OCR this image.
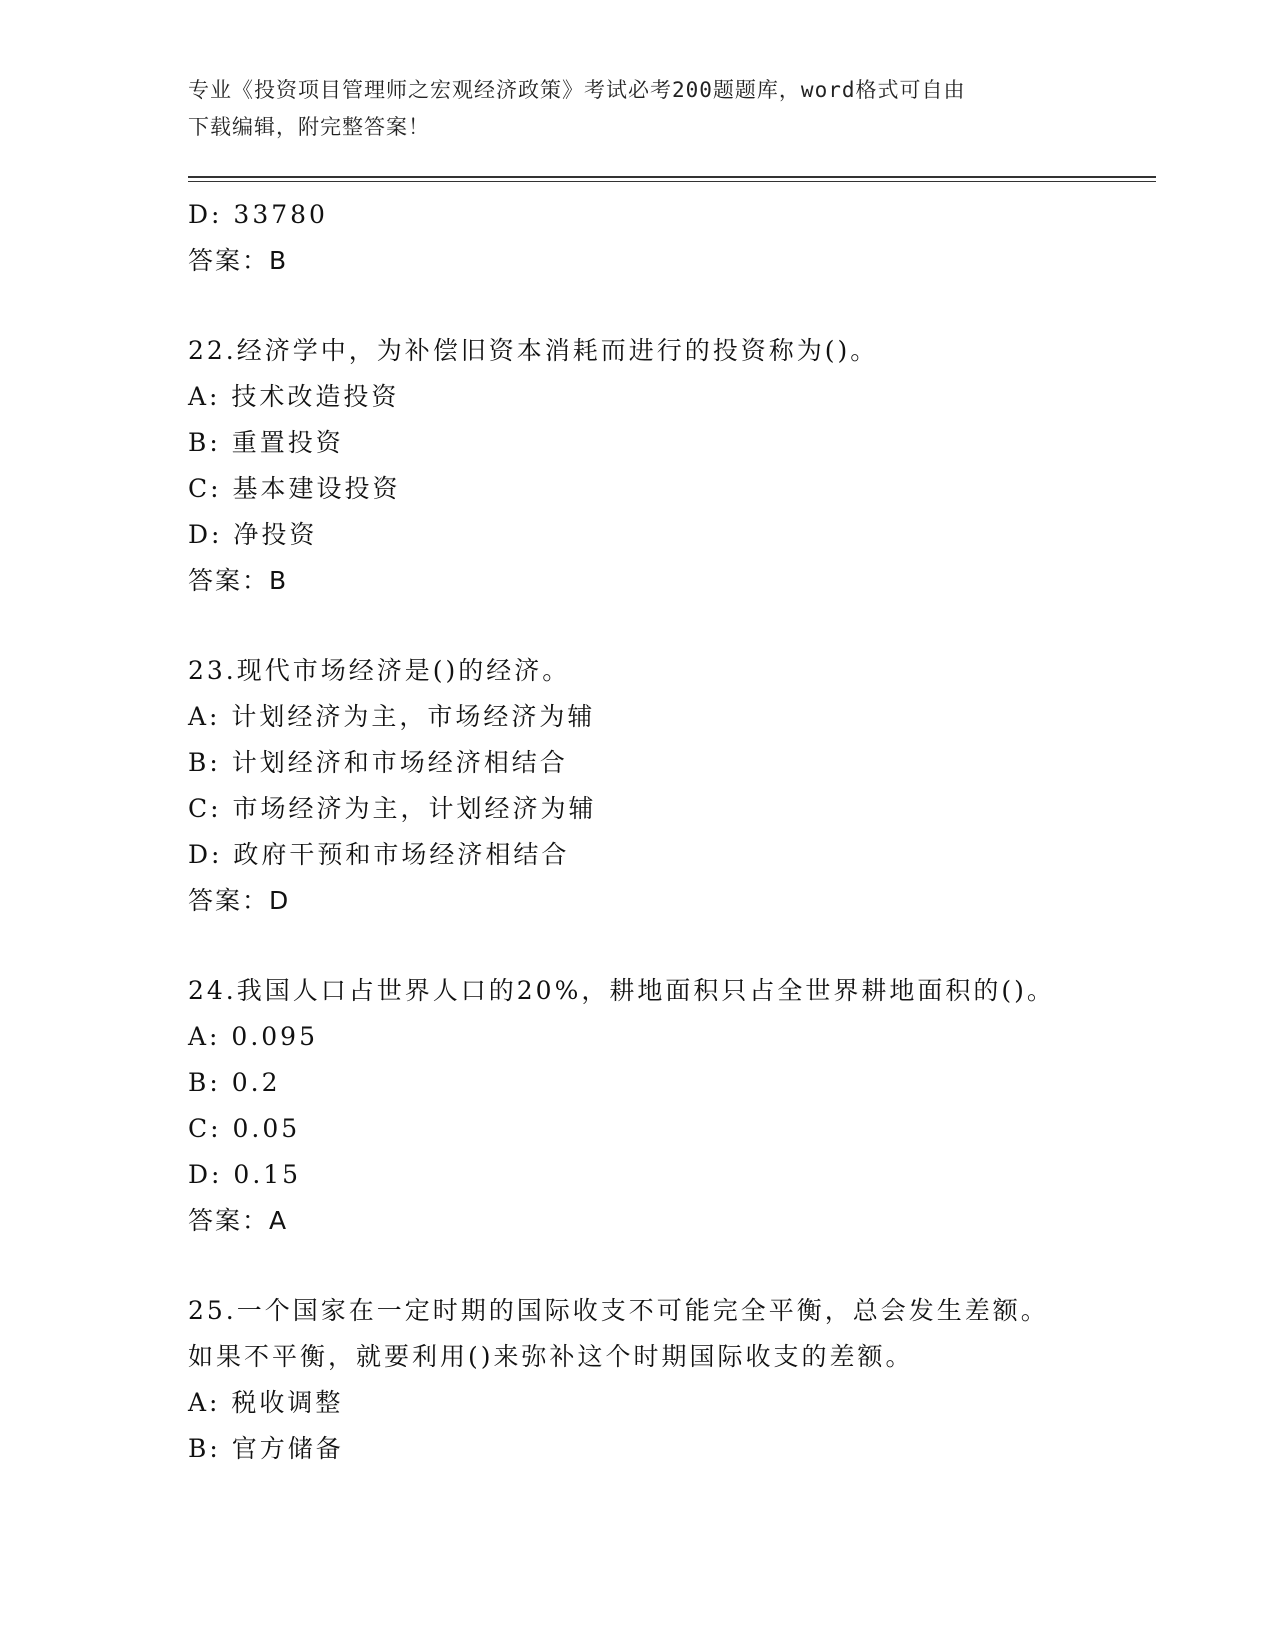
专业《投资项目管理师之宏观经济政策》考试必考200题题库，word格式可自由
下载编辑，附完整答案！
D: 33780
答案：B
22.经济学中，为补偿旧资本消耗而进行的投资称为()。
A: 技术改造投资
B: 重置投资
C: 基本建设投资
D: 净投资
答案：B
23.现代市场经济是()的经济。
A: 计划经济为主，市场经济为辅
B: 计划经济和市场经济相结合
C: 市场经济为主，计划经济为辅
D: 政府干预和市场经济相结合
答案：D
24.我国人口占世界人口的20%，耕地面积只占全世界耕地面积的()。
A: 0.095
B: 0.2
C: 0.05
D: 0.15
答案：A
25.一个国家在一定时期的国际收支不可能完全平衡，总会发生差额。
如果不平衡，就要利用()来弥补这个时期国际收支的差额。
A: 税收调整
B: 官方储备
